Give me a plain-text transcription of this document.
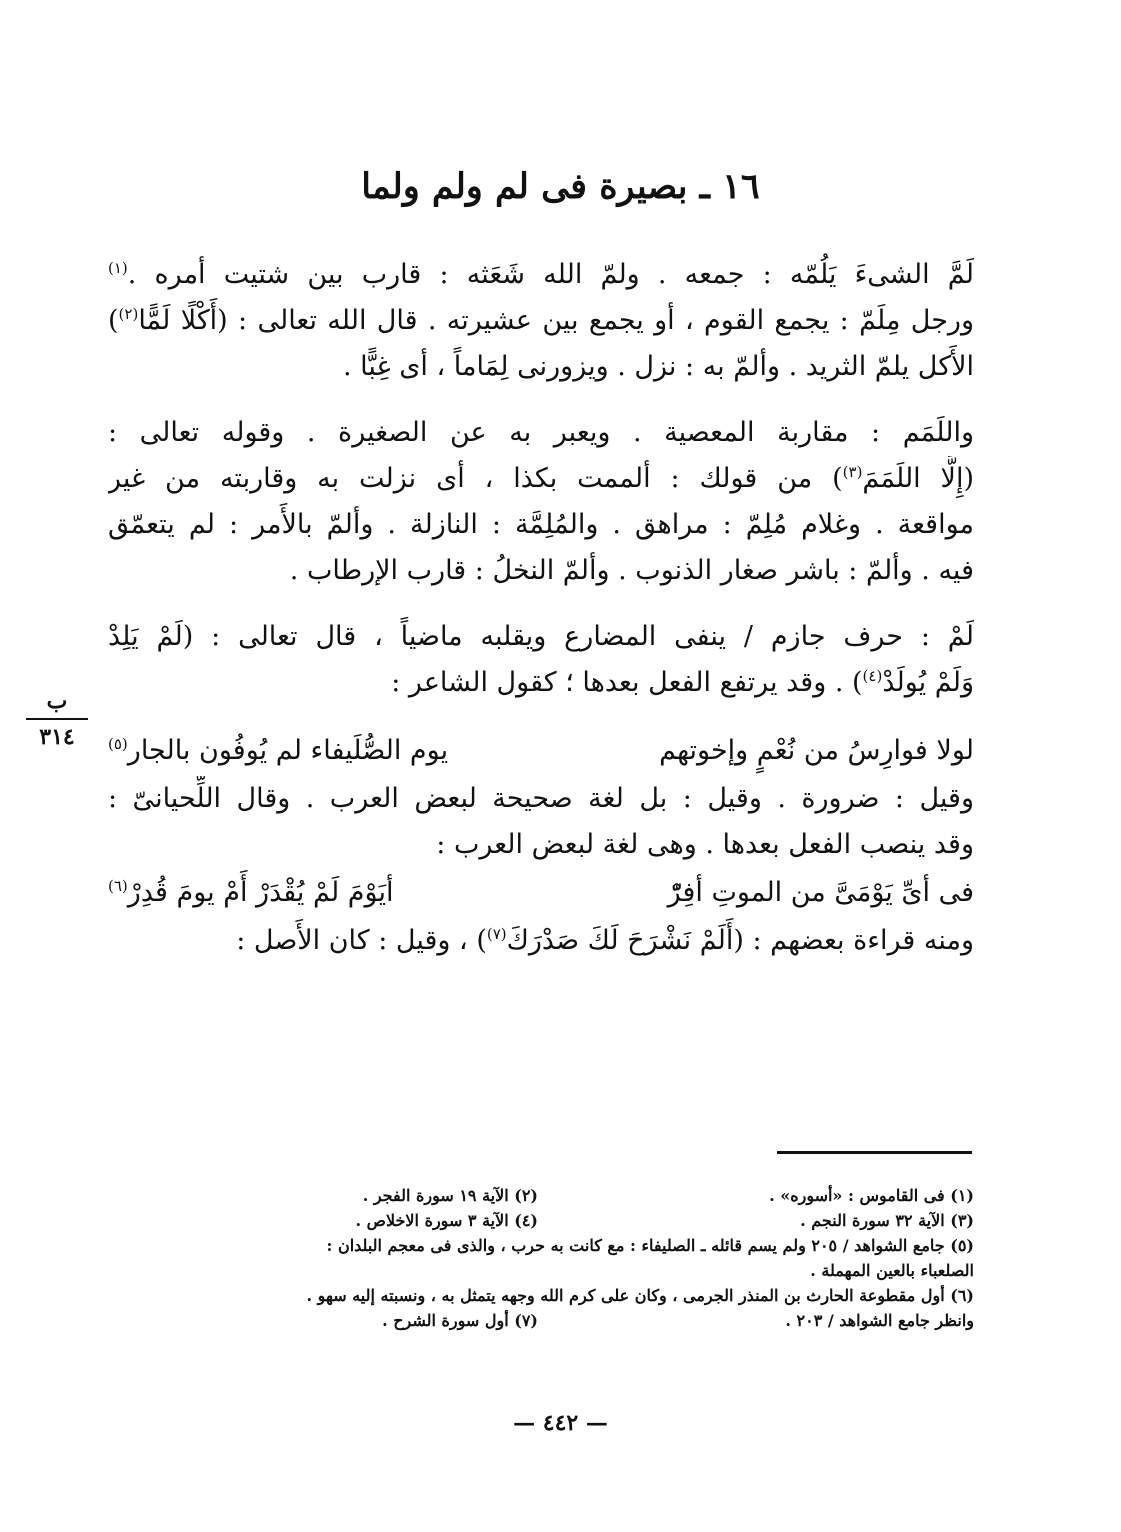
١٦ ـ بصيرة فى لم ولم ولما
ب
٣١٤
لَمَّ الشىءَ يَلُمّه : جمعه . ولمّ الله شَعَثه : قارب بين شتيت أمره .$^{(١)}$
ورجل مِلَمّ : يجمع القوم ، أو يجمع بين عشيرته . قال الله تعالى : (أَكْلًا لَمًّا$^{(٢)}$)
الأَكل يلمّ الثريد . وألمّ به : نزل . ويزورنى لِمَاماً ، أى غِبًّا .
واللَمَم : مقاربة المعصية . ويعبر به عن الصغيرة . وقوله تعالى :
(إِلَّا اللَمَمَ$^{(٣)}$) من قولك : ألممت بكذا ، أى نزلت به وقاربته من غير
مواقعة . وغلام مُلِمّ : مراهق . والمُلِمَّة : النازلة . وألمّ بالأَمر : لم يتعمّق
فيه . وألمّ : باشر صغار الذنوب . وألمّ النخلُ : قارب الإرطاب .
لَمْ : حرف جازم / ينفى المضارع ويقلبه ماضياً ، قال تعالى : (لَمْ يَلِدْ
وَلَمْ يُولَدْ$^{(٤)}$) . وقد يرتفع الفعل بعدها ؛ كقول الشاعر :
لولا فوارِسُ من نُعْمٍ وإخوتهم
يوم الصُّلَيفاء لم يُوفُون بالجار$^{(٥)}$
وقيل : ضرورة . وقيل : بل لغة صحيحة لبعض العرب . وقال اللِّحيانىّ :
وقد ينصب الفعل بعدها . وهى لغة لبعض العرب :
فى أىِّ يَوْمَىَّ من الموتِ أفِرّْ
أيَوْمَ لَمْ يُقْدَرْ أَمْ يومَ قُدِرْ$^{(٦)}$
ومنه قراءة بعضهم : (أَلَمْ نَشْرَحَ لَكَ صَدْرَكَ$^{(٧)}$) ، وقيل : كان الأَصل :
(١) فى القاموس : «أسوره» .
(٢) الآية ١٩ سورة الفجر .
(٣) الآية ٣٢ سورة النجم .
(٤) الآية ٣ سورة الاخلاص .
(٥) جامع الشواهد / ٢٠٥ ولم يسم قائله ـ الصليفاء : مع كانت به حرب ، والذى فى معجم البلدان :
الصلعباء بالعين المهملة .
(٦) أول مقطوعة الحارث بن المنذر الجرمى ، وكان على كرم الله وجهه يتمثل به ، ونسبته إليه سهو .
وانظر جامع الشواهد / ٢٠٣ .
(٧) أول سورة الشرح .
— ٤٤٢ —
